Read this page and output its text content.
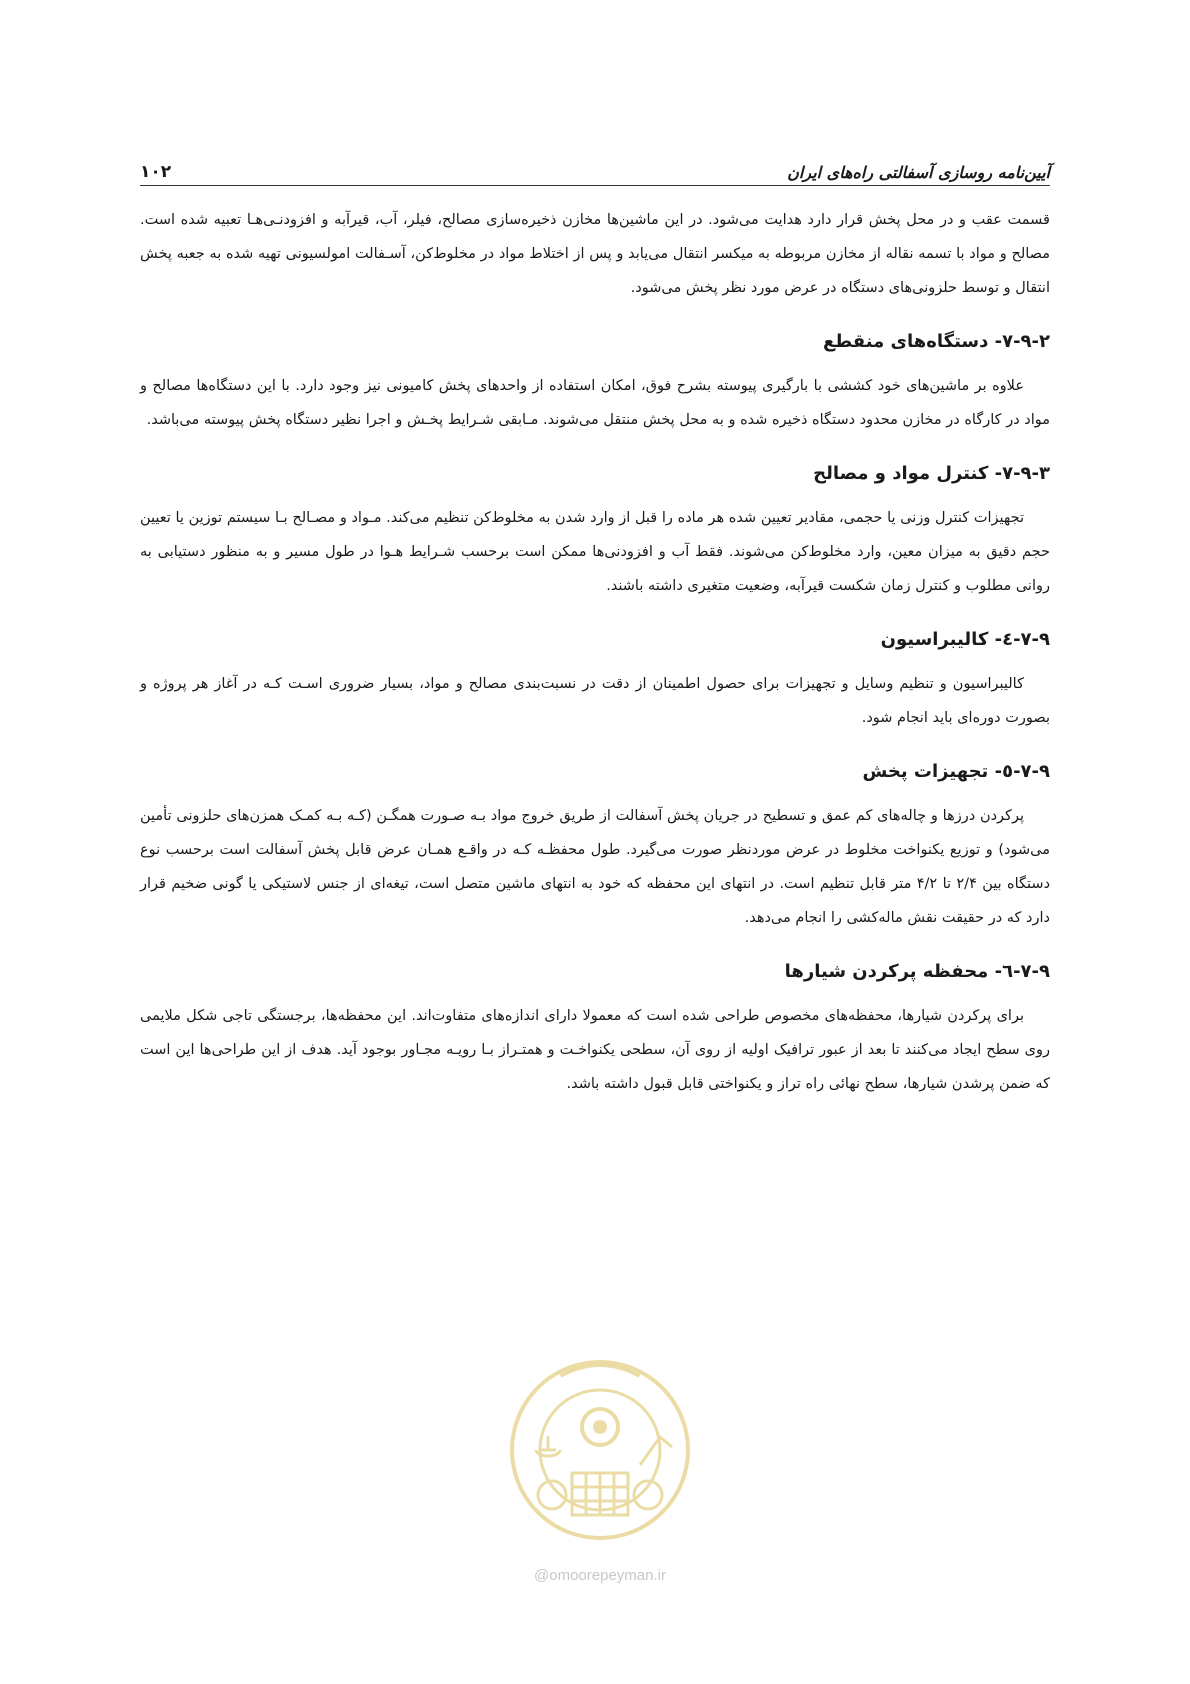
آیین‌نامه روسازی آسفالتی راه‌های ایران
۱۰۲

قسمت عقب و در محل پخش قرار دارد هدایت می‌شود. در این ماشین‌ها مخازن ذخیره‌سازی مصالح، فیلر، آب، قیرآبه و افزودنـی‌هـا تعبیه شده است. مصالح و مواد با تسمه نقاله از مخازن مربوطه به میکسر انتقال می‌یابد و پس از اختلاط مواد در مخلوط‌کن، آسـفالت امولسیونی تهیه شده به جعبه پخش انتقال و توسط حلزونی‌های دستگاه در عرض مورد نظر پخش می‌شود.

۷-۹-۲- دستگاه‌های منقطع

علاوه بر ماشین‌های خود کششی با بارگیری پیوسته بشرح فوق، امکان استفاده از واحدهای پخش کامیونی نیز وجود دارد. با این دستگاه‌ها مصالح و مواد در کارگاه در مخازن محدود دستگاه ذخیره شده و به محل پخش منتقل می‌شوند. مـابقی شـرایط پخـش و اجرا نظیر دستگاه پخش پیوسته می‌باشد.

۷-۹-۳- کنترل مواد و مصالح

تجهیزات کنترل وزنی یا حجمی، مقادیر تعیین شده هر ماده را قبل از وارد شدن به مخلوط‌کن تنظیم می‌کند. مـواد و مصـالح بـا سیستم توزین یا تعیین حجم دقیق به میزان معین، وارد مخلوط‌کن می‌شوند. فقط آب و افزودنی‌ها ممکن است برحسب شـرایط هـوا در طول مسیر و به منظور دستیابی به روانی مطلوب و کنترل زمان شکست قیرآبه، وضعیت متغیری داشته باشند.

۷-۹-٤- کالیبراسیون

کالیبراسیون و تنظیم وسایل و تجهیزات برای حصول اطمینان از دقت در نسبت‌بندی مصالح و مواد، بسیار ضروری اسـت کـه در آغاز هر پروژه و بصورت دوره‌ای باید انجام شود.

۷-۹-٥- تجهیزات پخش

پرکردن درزها و چاله‌های کم عمق و تسطیح در جریان پخش آسفالت از طریق خروج مواد بـه صـورت همگـن (کـه بـه کمـک همزن‌های حلزونی تأمین می‌شود) و توزیع یکنواخت مخلوط در عرض موردنظر صورت می‌گیرد. طول محفظـه کـه در واقـع همـان عرض قابل پخش آسفالت است برحسب نوع دستگاه بین ۲/۴ تا ۴/۲ متر قابل تنظیم است. در انتهای این محفظه که خود به انتهای ماشین متصل است، تیغه‌ای از جنس لاستیکی یا گونی ضخیم قرار دارد که در حقیقت نقش ماله‌کشی را انجام می‌دهد.

۷-۹-٦- محفظه پرکردن شیارها

برای پرکردن شیارها، محفظه‌های مخصوص طراحی شده است که معمولا دارای اندازه‌های متفاوت‌اند. این محفظه‌ها، برجستگی تاجی شکل ملایمی روی سطح ایجاد می‌کنند تا بعد از عبور ترافیک اولیه از روی آن، سطحی یکنواخـت و همتـراز بـا رویـه مجـاور بوجود آید. هدف از این طراحی‌ها این است که ضمن پرشدن شیارها، سطح نهائی راه تراز و یکنواختی قابل قبول داشته باشد.

@omoorepeyman.ir
